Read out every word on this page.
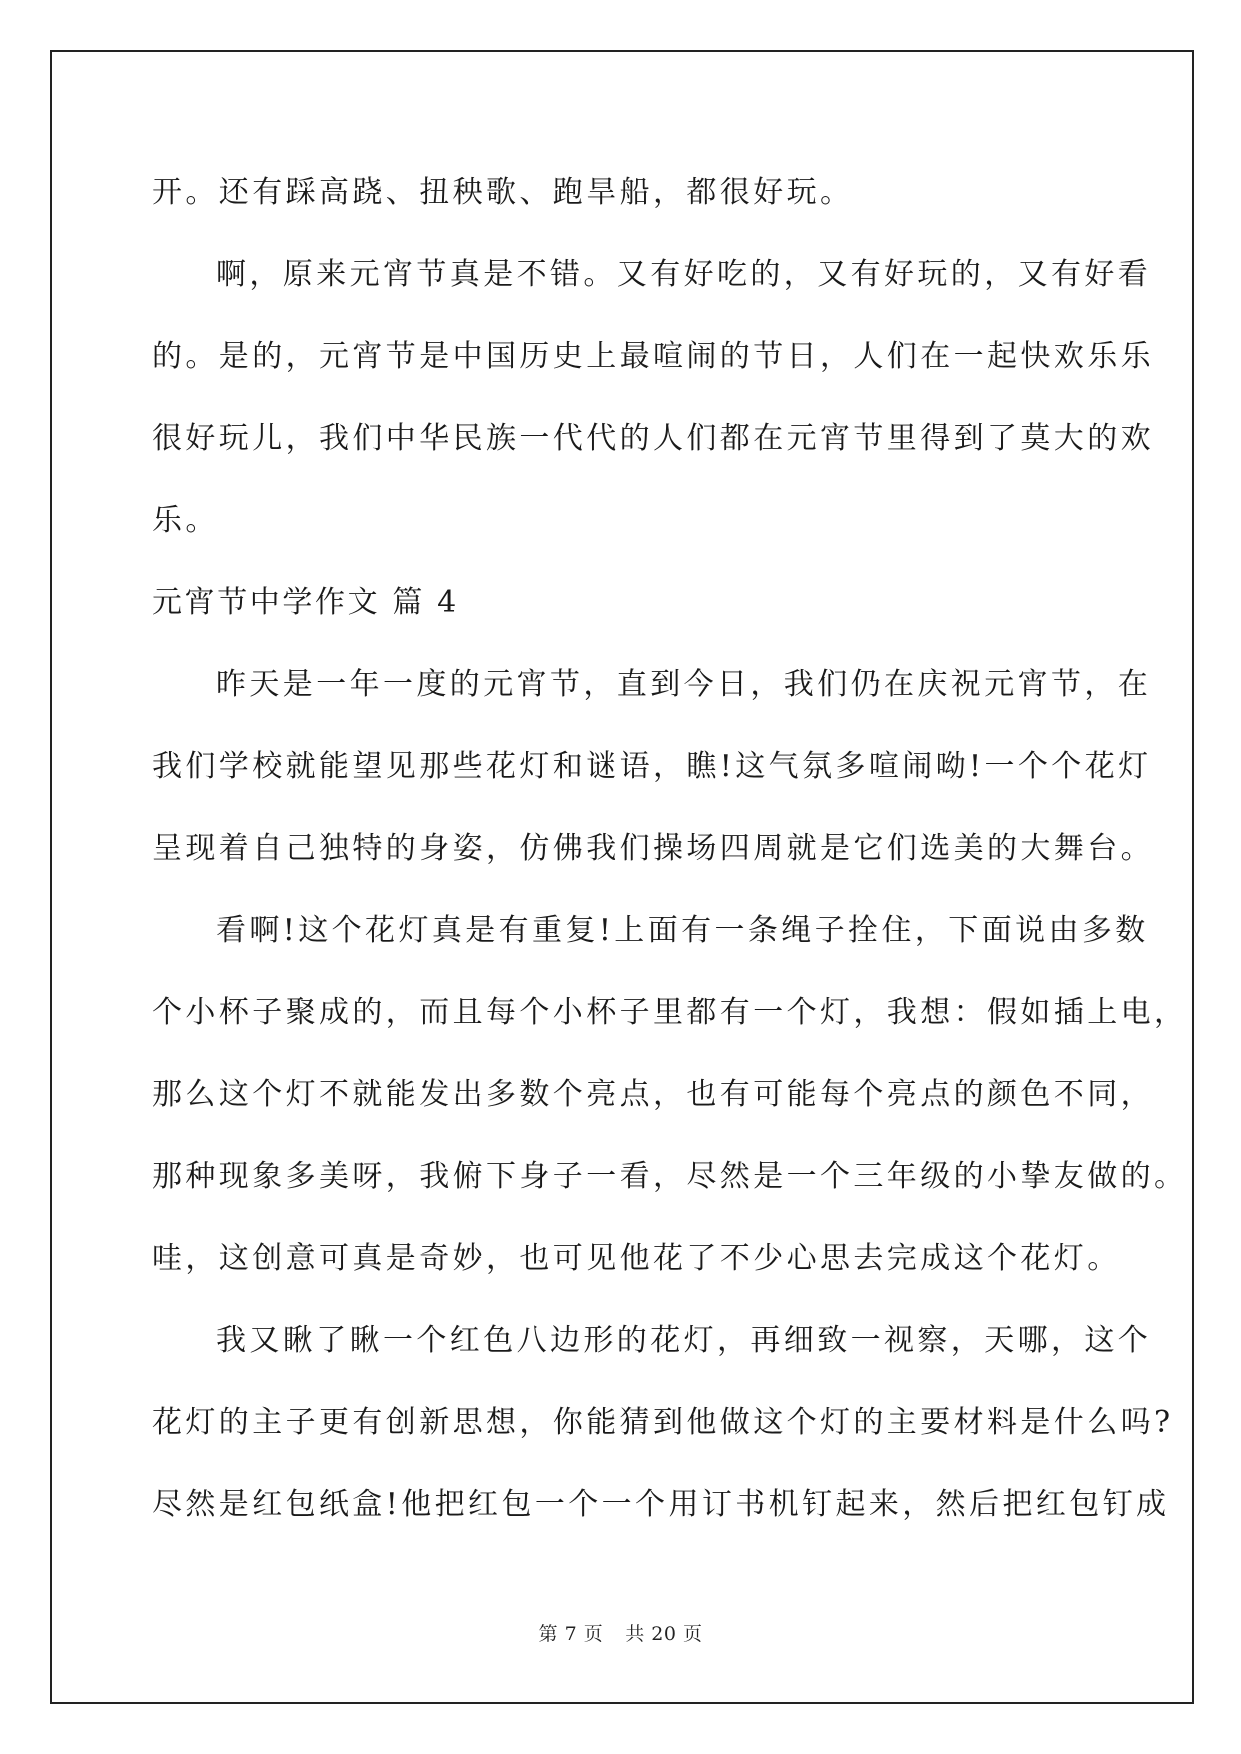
开。还有踩高跷、扭秧歌、跑旱船，都很好玩。
啊，原来元宵节真是不错。又有好吃的，又有好玩的，又有好看
的。是的，元宵节是中国历史上最喧闹的节日，人们在一起快欢乐乐
很好玩儿，我们中华民族一代代的人们都在元宵节里得到了莫大的欢
乐。
元宵节中学作文 篇 4
昨天是一年一度的元宵节，直到今日，我们仍在庆祝元宵节，在
我们学校就能望见那些花灯和谜语，瞧!这气氛多喧闹呦!一个个花灯
呈现着自己独特的身姿，仿佛我们操场四周就是它们选美的大舞台。
看啊!这个花灯真是有重复!上面有一条绳子拴住，下面说由多数
个小杯子聚成的，而且每个小杯子里都有一个灯，我想：假如插上电，
那么这个灯不就能发出多数个亮点，也有可能每个亮点的颜色不同，
那种现象多美呀，我俯下身子一看，尽然是一个三年级的小挚友做的。
哇，这创意可真是奇妙，也可见他花了不少心思去完成这个花灯。
我又瞅了瞅一个红色八边形的花灯，再细致一视察，天哪，这个
花灯的主子更有创新思想，你能猜到他做这个灯的主要材料是什么吗?
尽然是红包纸盒!他把红包一个一个用订书机钉起来，然后把红包钉成
第 7 页 共 20 页
